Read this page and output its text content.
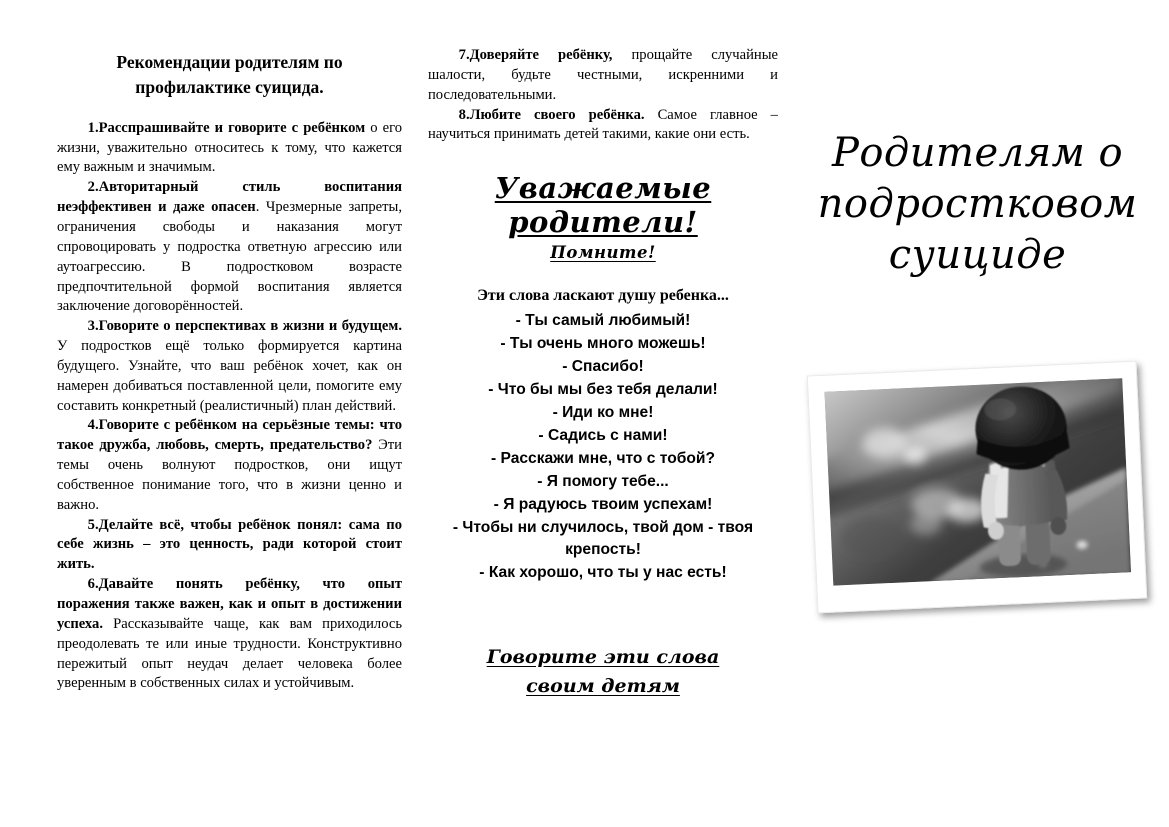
Рекомендации родителям по профилактике суицида.

1.Расспрашивайте и говорите с ребёнком о его жизни, уважительно относитесь к тому, что кажется ему важным и значимым.

2.Авторитарный стиль воспитания неэффективен и даже опасен. Чрезмерные запреты, ограничения свободы и наказания могут спровоцировать у подростка ответную агрессию или аутоагрессию. В подростковом возрасте предпочтительной формой воспитания является заключение договорённостей.

3.Говорите о перспективах в жизни и будущем. У подростков ещё только формируется картина будущего. Узнайте, что ваш ребёнок хочет, как он намерен добиваться поставленной цели, помогите ему составить конкретный (реалистичный) план действий.

4.Говорите с ребёнком на серьёзные темы: что такое дружба, любовь, смерть, предательство? Эти темы очень волнуют подростков, они ищут собственное понимание того, что в жизни ценно и важно.

5.Делайте всё, чтобы ребёнок понял: сама по себе жизнь – это ценность, ради которой стоит жить.

6.Давайте понять ребёнку, что опыт поражения также важен, как и опыт в достижении успеха. Рассказывайте чаще, как вам приходилось преодолевать те или иные трудности. Конструктивно пережитый опыт неудач делает человека более уверенным в собственных силах и устойчивым.

7.Доверяйте ребёнку, прощайте случайные шалости, будьте честными, искренними и последовательными.

8.Любите своего ребёнка. Самое главное – научиться принимать детей такими, какие они есть.

Уважаемые родители!
Помните!

Эти слова ласкают душу ребенка...

- Ты самый любимый!
- Ты очень много можешь!
- Спасибо!
- Что бы мы без тебя делали!
- Иди ко мне!
- Садись с нами!
- Расскажи мне, что с тобой?
- Я помогу тебе...
- Я радуюсь твоим успехам!
- Чтобы ни случилось, твой дом - твоя крепость!
- Как хорошо, что ты у нас есть!
Говорите эти слова
своим детям
Родителям о
подростковом
суициде
